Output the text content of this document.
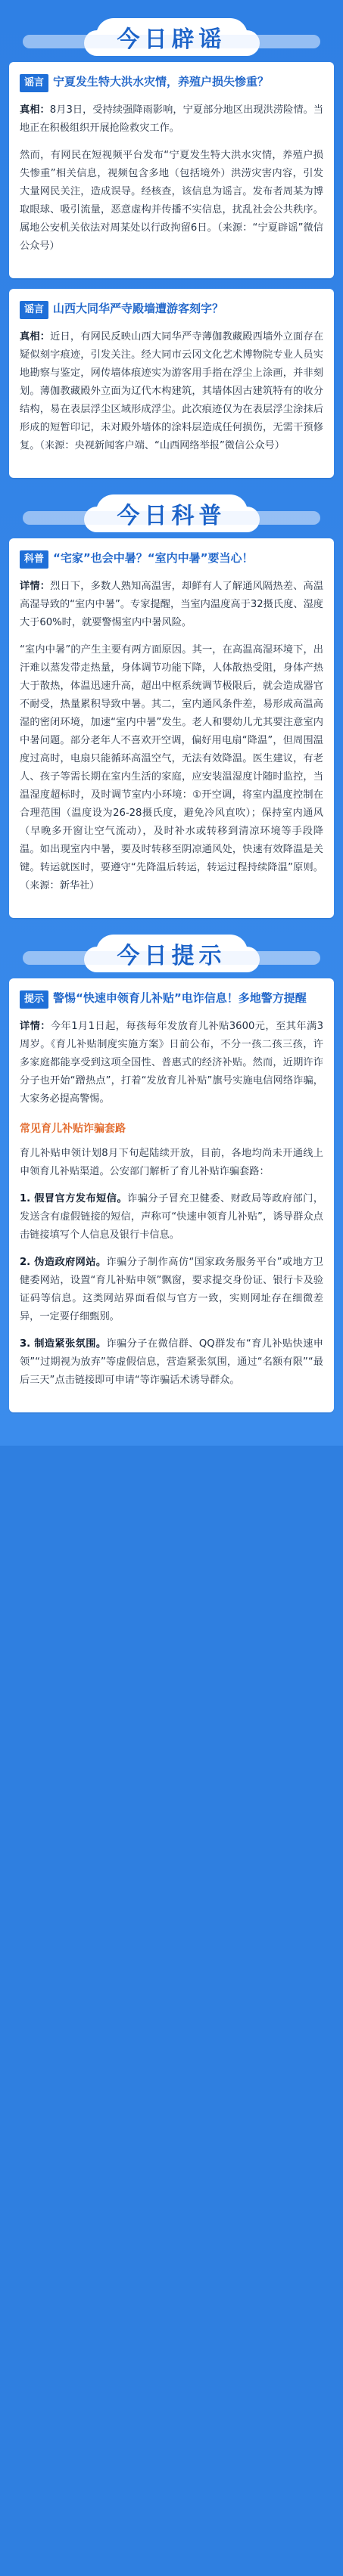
今日辟谣
谣言 宁夏发生特大洪水灾情，养殖户损失惨重？

真相：8月3日，受持续强降雨影响，宁夏部分地区出现洪涝险情。当地正在积极组织开展抢险救灾工作。

然而，有网民在短视频平台发布“宁夏发生特大洪水灾情，养殖户损失惨重”相关信息，视频包含多地（包括境外）洪涝灾害内容，引发大量网民关注，造成误导。经核查，该信息为谣言。发布者周某为博取眼球、吸引流量，恶意虚构并传播不实信息，扰乱社会公共秩序。属地公安机关依法对周某处以行政拘留6日。（来源：“宁夏辟谣”微信公众号）

谣言 山西大同华严寺殿墙遭游客刻字？

真相：近日，有网民反映山西大同华严寺薄伽教藏殿西墙外立面存在疑似刻字痕迹，引发关注。经大同市云冈文化艺术博物院专业人员实地勘察与鉴定，网传墙体痕迹实为游客用手指在浮尘上涂画，并非刻划。薄伽教藏殿外立面为辽代木构建筑，其墙体因古建筑特有的收分结构，易在表层浮尘区域形成浮尘。此次痕迹仅为在表层浮尘涂抹后形成的短暂印记，未对殿外墙体的涂料层造成任何损伤，无需干预修复。（来源：央视新闻客户端、“山西网络举报”微信公众号）

今日科普
科普 “宅家”也会中暑？“室内中暑”要当心！

详情：烈日下，多数人熟知高温害，却鲜有人了解通风隔热差、高温高湿导致的“室内中暑”。专家提醒，当室内温度高于32摄氏度、湿度大于60%时，就要警惕室内中暑风险。

“室内中暑”的产生主要有两方面原因。其一，在高温高湿环境下，出汗难以蒸发带走热量，身体调节功能下降，人体散热受阻，身体产热大于散热，体温迅速升高，超出中枢系统调节极限后，就会造成器官不耐受，热量累积导致中暑。其二，室内通风条件差，易形成高温高湿的密闭环境，加速“室内中暑”发生。老人和婴幼儿尤其要注意室内中暑问题。部分老年人不喜欢开空调，偏好用电扇“降温”，但周围温度过高时，电扇只能循环高温空气，无法有效降温。医生建议，有老人、孩子等需长期在室内生活的家庭，应安装温湿度计随时监控，当温湿度超标时，及时调节室内小环境：①开空调，将室内温度控制在合理范围（温度设为26-28摄氏度，避免冷风直吹）；保持室内通风（早晚多开窗让空气流动），及时补水或转移到清凉环境等手段降温。如出现室内中暑，要及时转移至阴凉通风处，快速有效降温是关键。转运就医时，要遵守“先降温后转运，转运过程持续降温”原则。（来源：新华社）

今日提示
提示 警惕“快速申领育儿补贴”电诈信息！多地警方提醒

详情：今年1月1日起，每孩每年发放育儿补贴3600元，至其年满3周岁。《育儿补贴制度实施方案》日前公布，不分一孩二孩三孩，许多家庭都能享受到这项全国性、普惠式的经济补贴。然而，近期许诈分子也开始“蹭热点”，打着“发放育儿补贴”旗号实施电信网络诈骗，大家务必提高警惕。

常见育儿补贴诈骗套路

育儿补贴申领计划8月下旬起陆续开放，目前，各地均尚未开通线上申领育儿补贴渠道。公安部门解析了育儿补贴诈骗套路：

1. 假冒官方发布短信。诈骗分子冒充卫健委、财政局等政府部门，发送含有虚假链接的短信，声称可“快速申领育儿补贴”，诱导群众点击链接填写个人信息及银行卡信息。

2. 伪造政府网站。诈骗分子制作高仿“国家政务服务平台”或地方卫健委网站，设置“育儿补贴申领”飘窗，要求提交身份证、银行卡及验证码等信息。这类网站界面看似与官方一致，实则网址存在细微差异，一定要仔细甄别。

3. 制造紧张氛围。诈骗分子在微信群、QQ群发布“育儿补贴快速申领”“过期视为放弃”等虚假信息，营造紧张氛围，通过“名额有限”“最后三天”点击链接即可申请“等诈骗话术诱导群众。
